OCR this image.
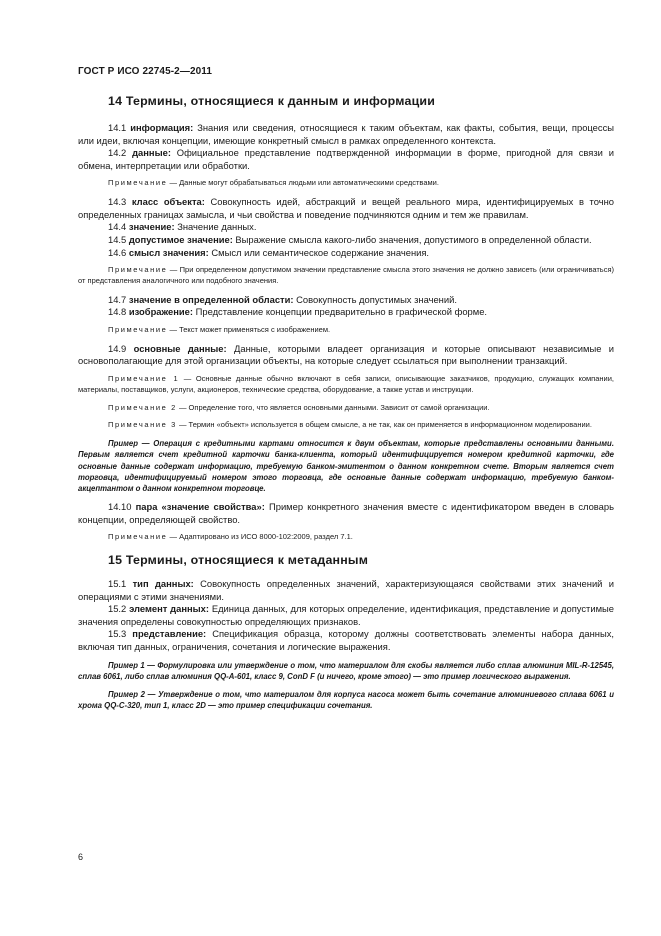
ГОСТ Р ИСО 22745-2—2011
14 Термины, относящиеся к данным и информации

14.1 информация: Знания или сведения, относящиеся к таким объектам, как факты, события, вещи, процессы или идеи, включая концепции, имеющие конкретный смысл в рамках определенного контекста.

14.2 данные: Официальное представление подтвержденной информации в форме, пригодной для связи и обмена, интерпретации или обработки.

Примечание — Данные могут обрабатываться людьми или автоматическими средствами.

14.3 класс объекта: Совокупность идей, абстракций и вещей реального мира, идентифицируемых в точно определенных границах замысла, и чьи свойства и поведение подчиняются одним и тем же правилам.

14.4 значение: Значение данных.

14.5 допустимое значение: Выражение смысла какого-либо значения, допустимого в определенной области.

14.6 смысл значения: Смысл или семантическое содержание значения.

Примечание — При определенном допустимом значении представление смысла этого значения не должно зависеть (или ограничиваться) от представления аналогичного или подобного значения.

14.7 значение в определенной области: Совокупность допустимых значений.

14.8 изображение: Представление концепции предварительно в графической форме.

Примечание — Текст может применяться с изображением.

14.9 основные данные: Данные, которыми владеет организация и которые описывают независимые и основополагающие для этой организации объекты, на которые следует ссылаться при выполнении транзакций.

Примечание 1 — Основные данные обычно включают в себя записи, описывающие заказчиков, продукцию, служащих компании, материалы, поставщиков, услуги, акционеров, технические средства, оборудование, а также устав и инструкции.

Примечание 2 — Определение того, что является основными данными. Зависит от самой организации.

Примечание 3 — Термин «объект» используется в общем смысле, а не так, как он применяется в информационном моделировании.

Пример — Операция с кредитными картами относится к двум объектам, которые представлены основными данными. Первым является счет кредитной карточки банка-клиента, который идентифицируется номером кредитной карточки, где основные данные содержат информацию, требуемую банком-эмитентом о данном конкретном счете. Вторым является счет торговца, идентифицируемый номером этого торговца, где основные данные содержат информацию, требуемую банком-акцептантом о данном конкретном торговце.

14.10 пара «значение свойства»: Пример конкретного значения вместе с идентификатором введен в словарь концепции, определяющей свойство.

Примечание — Адаптировано из ИСО 8000-102:2009, раздел 7.1.

15 Термины, относящиеся к метаданным

15.1 тип данных: Совокупность определенных значений, характеризующаяся свойствами этих значений и операциями с этими значениями.

15.2 элемент данных: Единица данных, для которых определение, идентификация, представление и допустимые значения определены совокупностью определяющих признаков.

15.3 представление: Спецификация образца, которому должны соответствовать элементы набора данных, включая тип данных, ограничения, сочетания и логические выражения.

Пример 1 — Формулировка или утверждение о том, что материалом для скобы является либо сплав алюминия MIL-R-12545, сплав 6061, либо сплав алюминия QQ-A-601, класс 9, ConD F (и ничего, кроме этого) — это пример логического выражения.

Пример 2 — Утверждение о том, что материалом для корпуса насоса может быть сочетание алюминиевого сплава 6061 и хрома QQ-C-320, тип 1, класс 2D — это пример спецификации сочетания.

6
